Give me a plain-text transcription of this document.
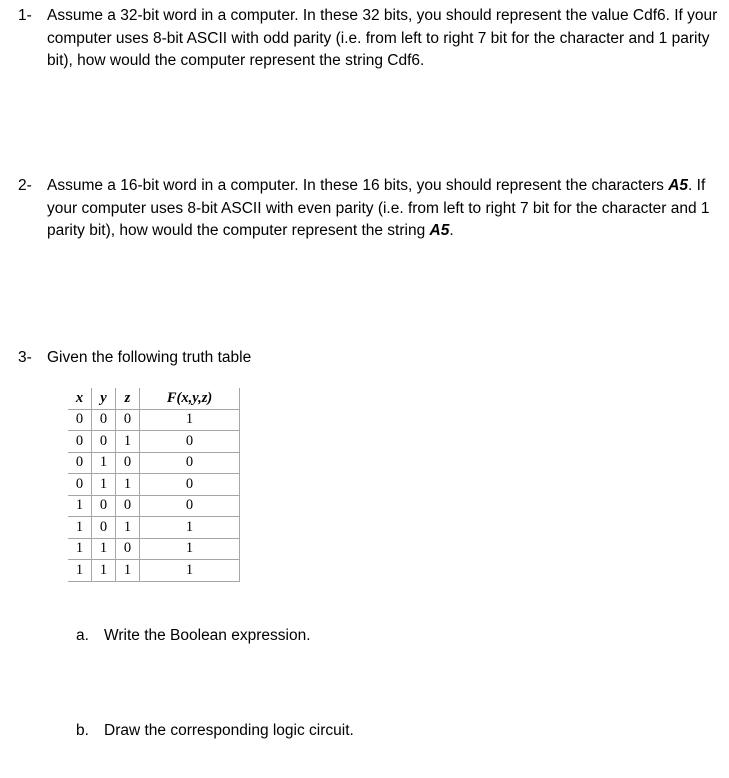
1- Assume a 32-bit word in a computer. In these 32 bits, you should represent the value Cdf6. If your computer uses 8-bit ASCII with odd parity (i.e. from left to right 7 bit for the character and 1 parity bit), how would the computer represent the string Cdf6.
2- Assume a 16-bit word in a computer. In these 16 bits, you should represent the characters A5. If your computer uses 8-bit ASCII with even parity (i.e. from left to right 7 bit for the character and 1 parity bit), how would the computer represent the string A5.
3- Given the following truth table
x	y	z	F(x,y,z)
0	0	0	1
0	0	1	0
0	1	0	0
0	1	1	0
1	0	0	0
1	0	1	1
1	1	0	1
1	1	1	1
a. Write the Boolean expression.
b. Draw the corresponding logic circuit.
